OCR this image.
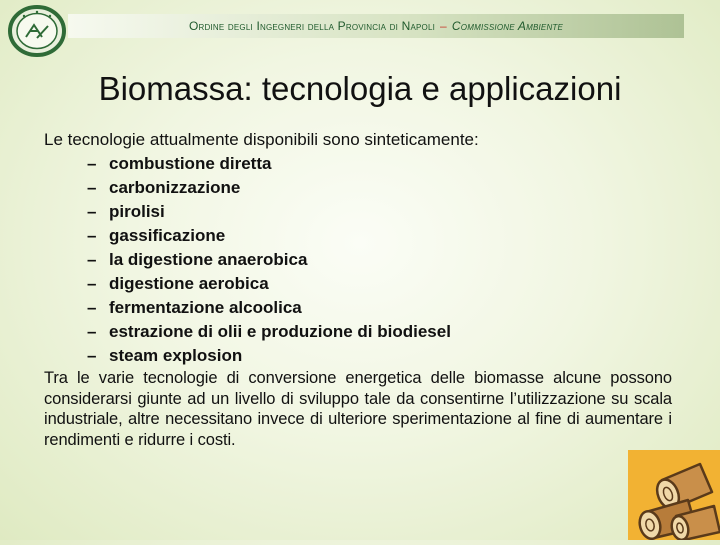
Ordine degli Ingegneri della Provincia di Napoli – Commissione Ambiente
Biomassa: tecnologia e applicazioni

Le tecnologie attualmente disponibili sono sinteticamente:

– combustione diretta
– carbonizzazione
– pirolisi
– gassificazione
– la digestione anaerobica
– digestione aerobica
– fermentazione alcoolica
– estrazione di olii e produzione di biodiesel
– steam explosion

Tra le varie tecnologie di conversione energetica delle biomasse alcune possono considerarsi giunte ad un livello di sviluppo tale da consentirne l’utilizzazione su scala industriale, altre necessitano invece di ulteriore sperimentazione al fine di aumentare i rendimenti e ridurre i costi.
